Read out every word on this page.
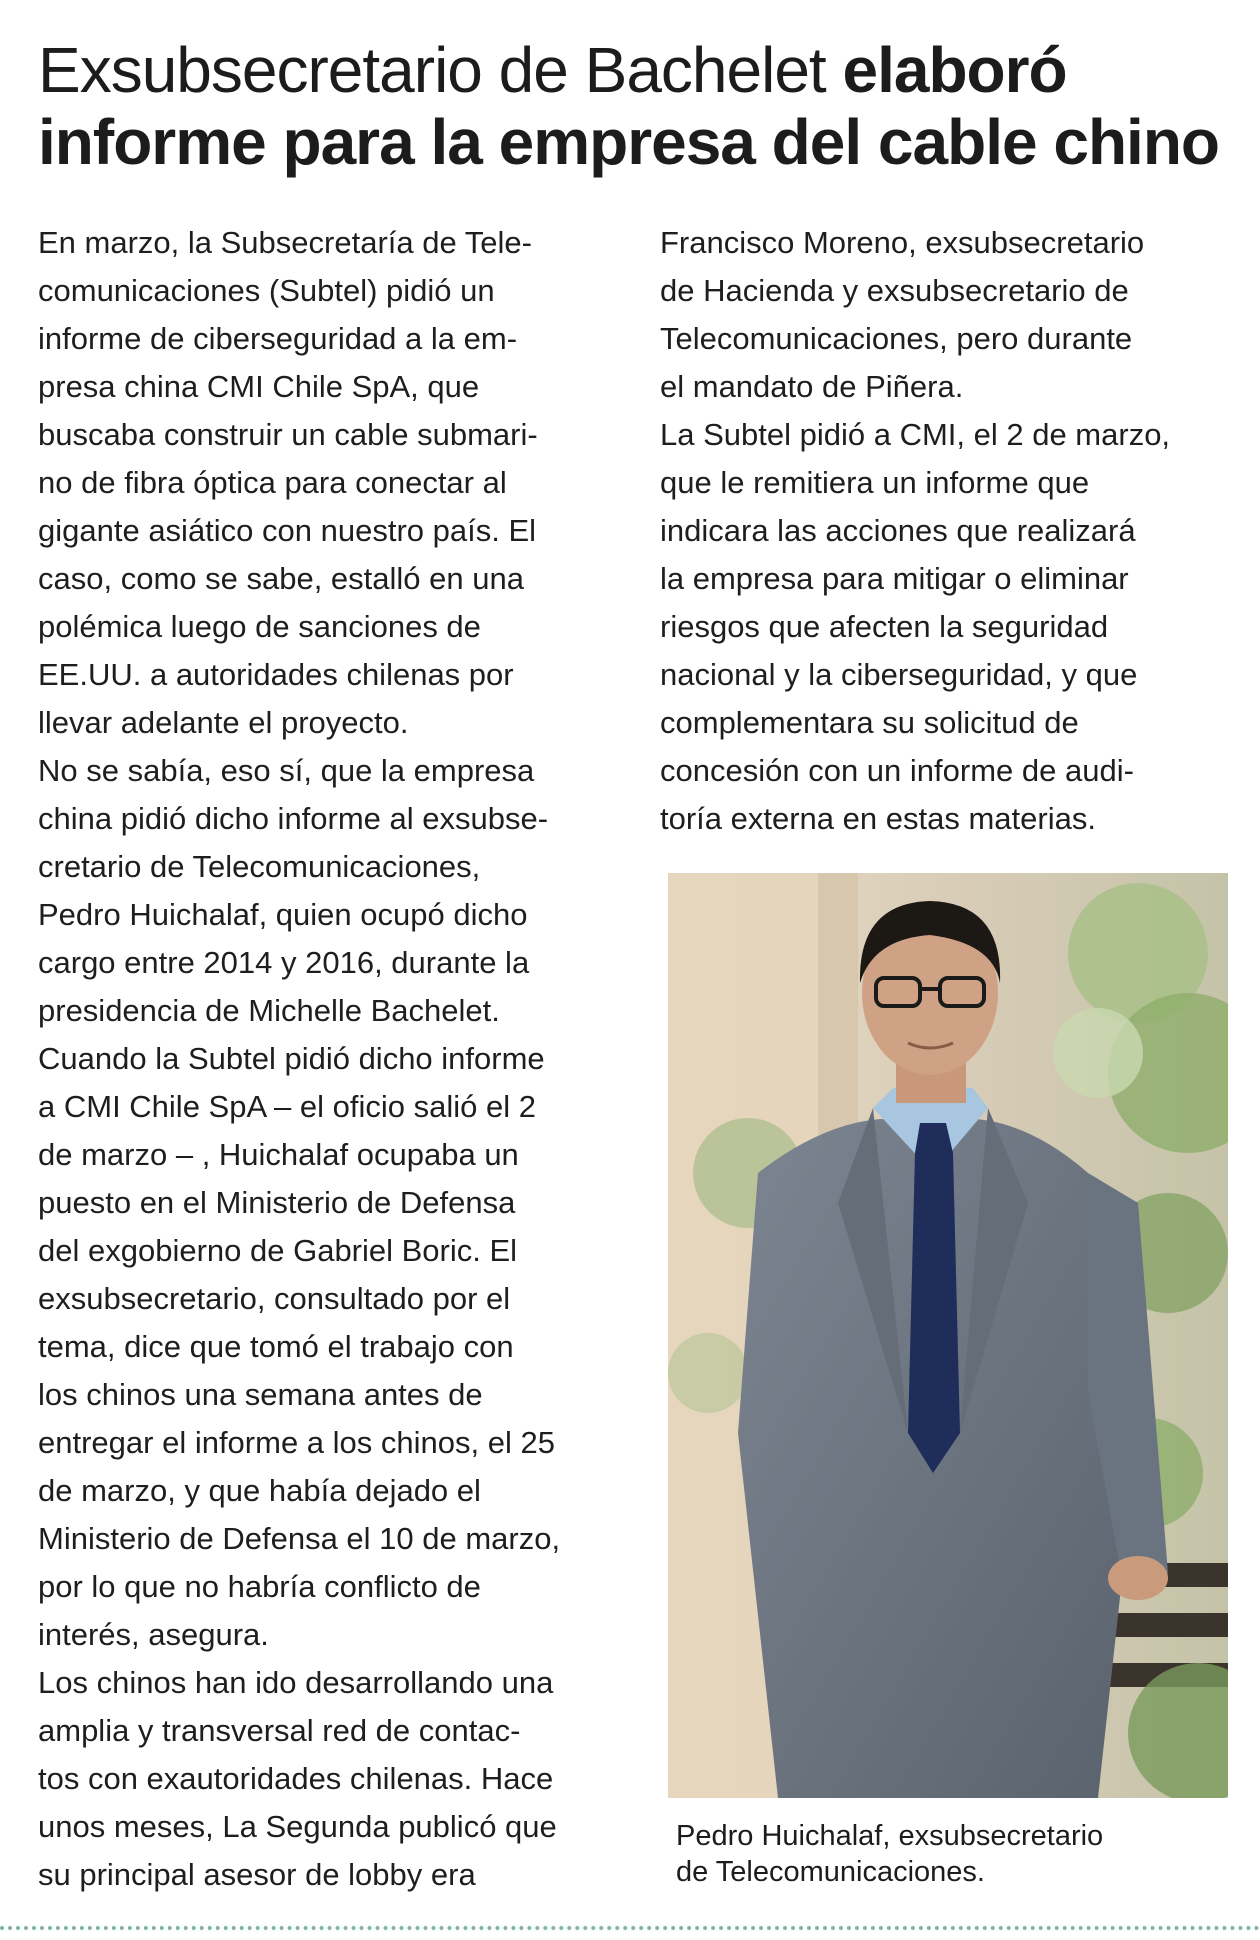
Exsubsecretario de Bachelet elaboró
informe para la empresa del cable chino

En marzo, la Subsecretaría de Tele-
comunicaciones (Subtel) pidió un
informe de ciberseguridad a la em-
presa china CMI Chile SpA, que
buscaba construir un cable submari-
no de fibra óptica para conectar al
gigante asiático con nuestro país. El
caso, como se sabe, estalló en una
polémica luego de sanciones de
EE.UU. a autoridades chilenas por
llevar adelante el proyecto.

No se sabía, eso sí, que la empresa
china pidió dicho informe al exsubse-
cretario de Telecomunicaciones,
Pedro Huichalaf, quien ocupó dicho
cargo entre 2014 y 2016, durante la
presidencia de Michelle Bachelet.

Cuando la Subtel pidió dicho informe
a CMI Chile SpA – el oficio salió el 2
de marzo – , Huichalaf ocupaba un
puesto en el Ministerio de Defensa
del exgobierno de Gabriel Boric. El
exsubsecretario, consultado por el
tema, dice que tomó el trabajo con
los chinos una semana antes de
entregar el informe a los chinos, el 25
de marzo, y que había dejado el
Ministerio de Defensa el 10 de marzo,
por lo que no habría conflicto de
interés, asegura.

Los chinos han ido desarrollando una
amplia y transversal red de contac-
tos con exautoridades chilenas. Hace
unos meses, La Segunda publicó que
su principal asesor de lobby era

Francisco Moreno, exsubsecretario
de Hacienda y exsubsecretario de
Telecomunicaciones, pero durante
el mandato de Piñera.

La Subtel pidió a CMI, el 2 de marzo,
que le remitiera un informe que
indicara las acciones que realizará
la empresa para mitigar o eliminar
riesgos que afecten la seguridad
nacional y la ciberseguridad, y que
complementara su solicitud de
concesión con un informe de audi-
toría externa en estas materias.

Pedro Huichalaf, exsubsecretario
de Telecomunicaciones.
